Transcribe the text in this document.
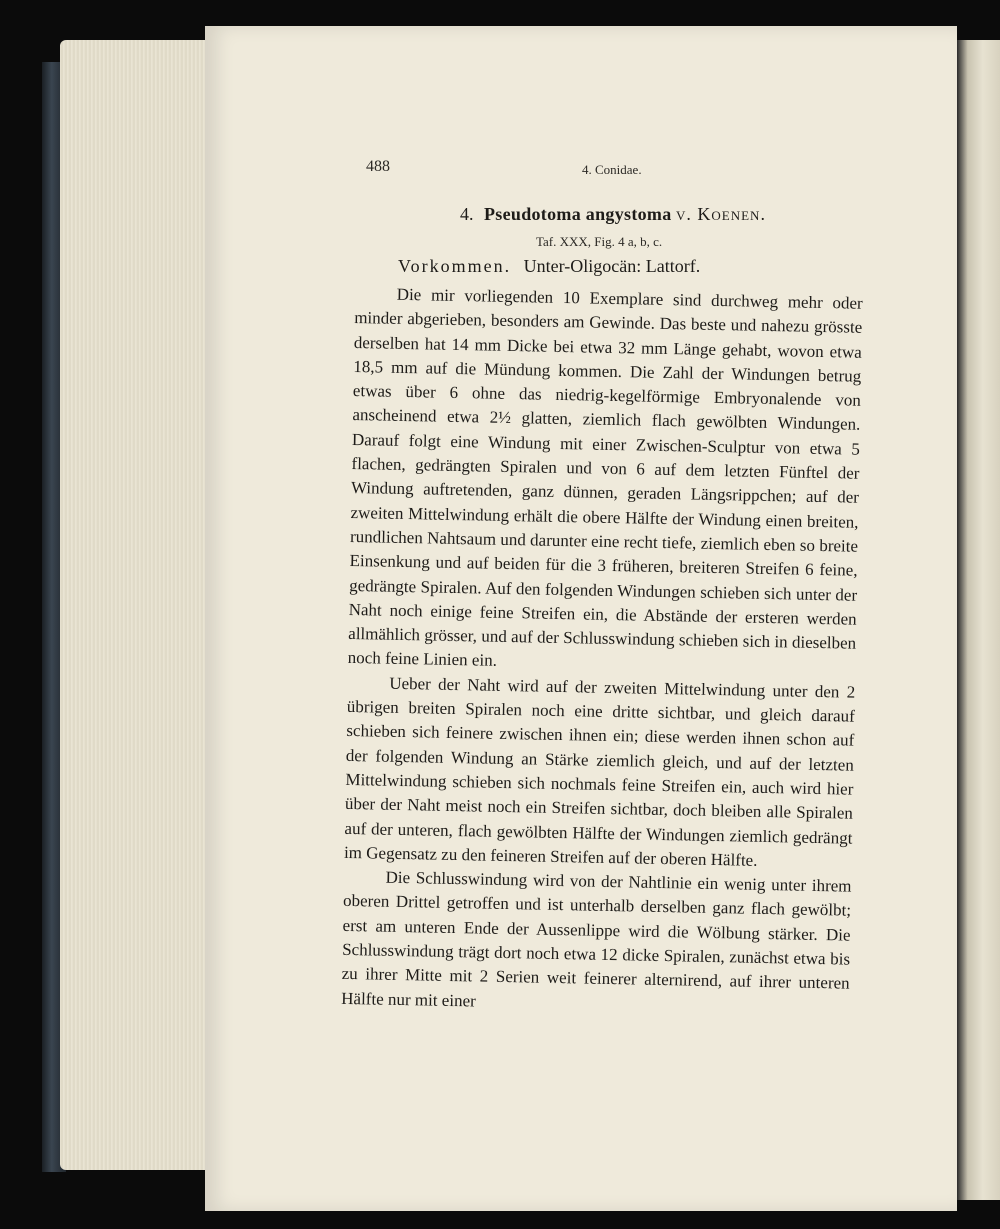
488	4. Conidae.
4. Pseudotoma angystoma v. Koenen.
Taf. XXX, Fig. 4 a, b, c.
Vorkommen. Unter-Oligocän: Lattorf.

Die mir vorliegenden 10 Exemplare sind durchweg mehr oder minder abgerieben, besonders am Gewinde. Das beste und nahezu grösste derselben hat 14 mm Dicke bei etwa 32 mm Länge gehabt, wovon etwa 18,5 mm auf die Mündung kommen. Die Zahl der Windungen betrug etwas über 6 ohne das niedrig-kegelförmige Embryonalende von anscheinend etwa 2½ glatten, ziemlich flach gewölbten Windungen. Darauf folgt eine Windung mit einer Zwischen-Sculptur von etwa 5 flachen, gedrängten Spiralen und von 6 auf dem letzten Fünftel der Windung auftretenden, ganz dünnen, geraden Längsrippchen; auf der zweiten Mittelwindung erhält die obere Hälfte der Windung einen breiten, rundlichen Nahtsaum und darunter eine recht tiefe, ziemlich eben so breite Einsenkung und auf beiden für die 3 früheren, breiteren Streifen 6 feine, gedrängte Spiralen. Auf den folgenden Windungen schieben sich unter der Naht noch einige feine Streifen ein, die Abstände der ersteren werden allmählich grösser, und auf der Schlusswindung schieben sich in dieselben noch feine Linien ein.

Ueber der Naht wird auf der zweiten Mittelwindung unter den 2 übrigen breiten Spiralen noch eine dritte sichtbar, und gleich darauf schieben sich feinere zwischen ihnen ein; diese werden ihnen schon auf der folgenden Windung an Stärke ziemlich gleich, und auf der letzten Mittelwindung schieben sich nochmals feine Streifen ein, auch wird hier über der Naht meist noch ein Streifen sichtbar, doch bleiben alle Spiralen auf der unteren, flach gewölbten Hälfte der Windungen ziemlich gedrängt im Gegensatz zu den feineren Streifen auf der oberen Hälfte.

Die Schlusswindung wird von der Nahtlinie ein wenig unter ihrem oberen Drittel getroffen und ist unterhalb derselben ganz flach gewölbt; erst am unteren Ende der Aussenlippe wird die Wölbung stärker. Die Schlusswindung trägt dort noch etwa 12 dicke Spiralen, zunächst etwa bis zu ihrer Mitte mit 2 Serien weit feinerer alternirend, auf ihrer unteren Hälfte nur mit einer
